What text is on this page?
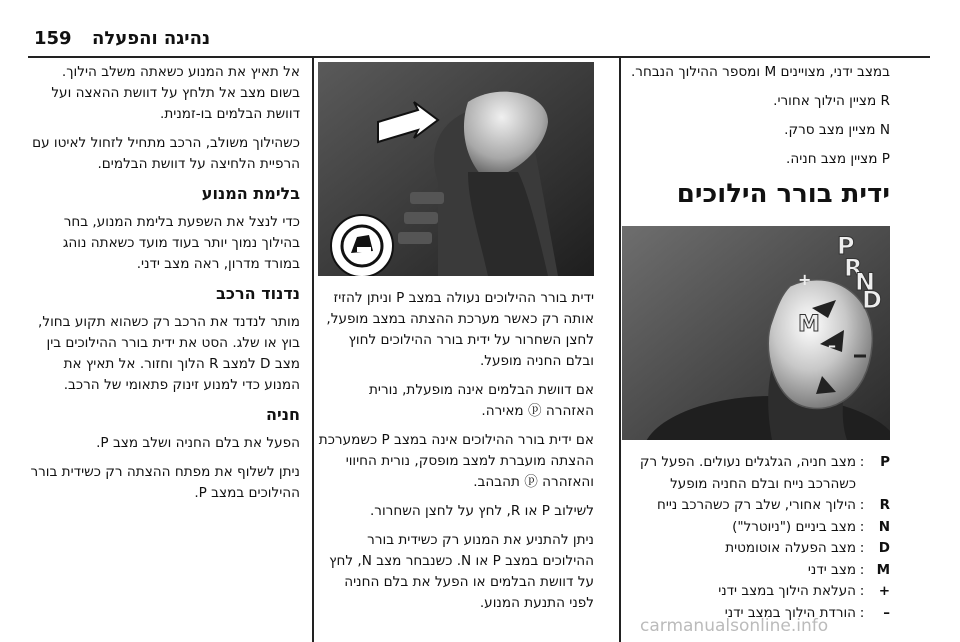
159 נהיגה והפעלה

במצב ידני, מצויינים M ומספר ההילוך הנבחר.

R מציין הילוך אחורי.

N מציין מצב סרק.

P מציין מצב חניה.

ידית בורר הילוכים
P
R
N
D
M
+
–
P
:
מצב חניה, הגלגלים נעולים. הפעל רק כשהרכב נייח ובלם החניה מופעל
R
:
הילוך אחורי, שלב רק כשהרכב נייח
N
:
מצב ביניים ("ניוטרל")
D
:
מצב הפעלה אוטומטית
M
:
מצב ידני
+
:
העלאת הילוך במצב ידני
–
:
הורדת הילוך במצב ידני

ידית בורר ההילוכים נעולה במצב P וניתן להזיז אותה רק כאשר מערכת ההצתה במצב מופעל, לחצן השחרור על ידית בורר ההילוכים לחוץ ובלם החניה מופעל.

אם דוושת הבלמים אינה מופעלת, נורית האזהרה ⓟ מאירה.

אם ידית בורר ההילוכים אינה במצב P כשמערכת ההצתה מועברת למצב מופסק, נורית החיווי והאזהרה ⓟ תהבהב.

לשילוב P או R, לחץ על לחצן השחרור.

ניתן להתניע את המנוע רק כשידית בורר ההילוכים במצב P או N. כשנבחר מצב N, לחץ על דוושת הבלמים או הפעל את בלם החניה לפני התנעת המנוע.

אל תאיץ את המנוע כשאתה משלב הילוך. בשום מצב אל תלחץ על דוושת ההאצה ועל דוושת הבלמים בו-זמנית.

כשהילוך משולב, הרכב מתחיל לזחול לאיטו עם הרפיית הלחיצה על דוושת הבלמים.

בלימת המנוע

כדי לנצל את השפעת בלימת המנוע, בחר בהילוך נמוך יותר בעוד מועד כשאתה נוהג במורד מדרון, ראה מצב ידני.

נדנוד הרכב

מותר לנדנד את הרכב רק כשהוא תקוע בחול, בוץ או שלג. הסט את ידית בורר ההילוכים בין מצב D למצב R הלוך וחזור. אל תאיץ את המנוע כדי למנוע זינוק פתאומי של הרכב.

חניה

הפעל את בלם החניה ושלב מצב P.

ניתן לשלוף את מפתח ההצתה רק כשידית בורר ההילוכים במצב P.

carmanualsonline.info
